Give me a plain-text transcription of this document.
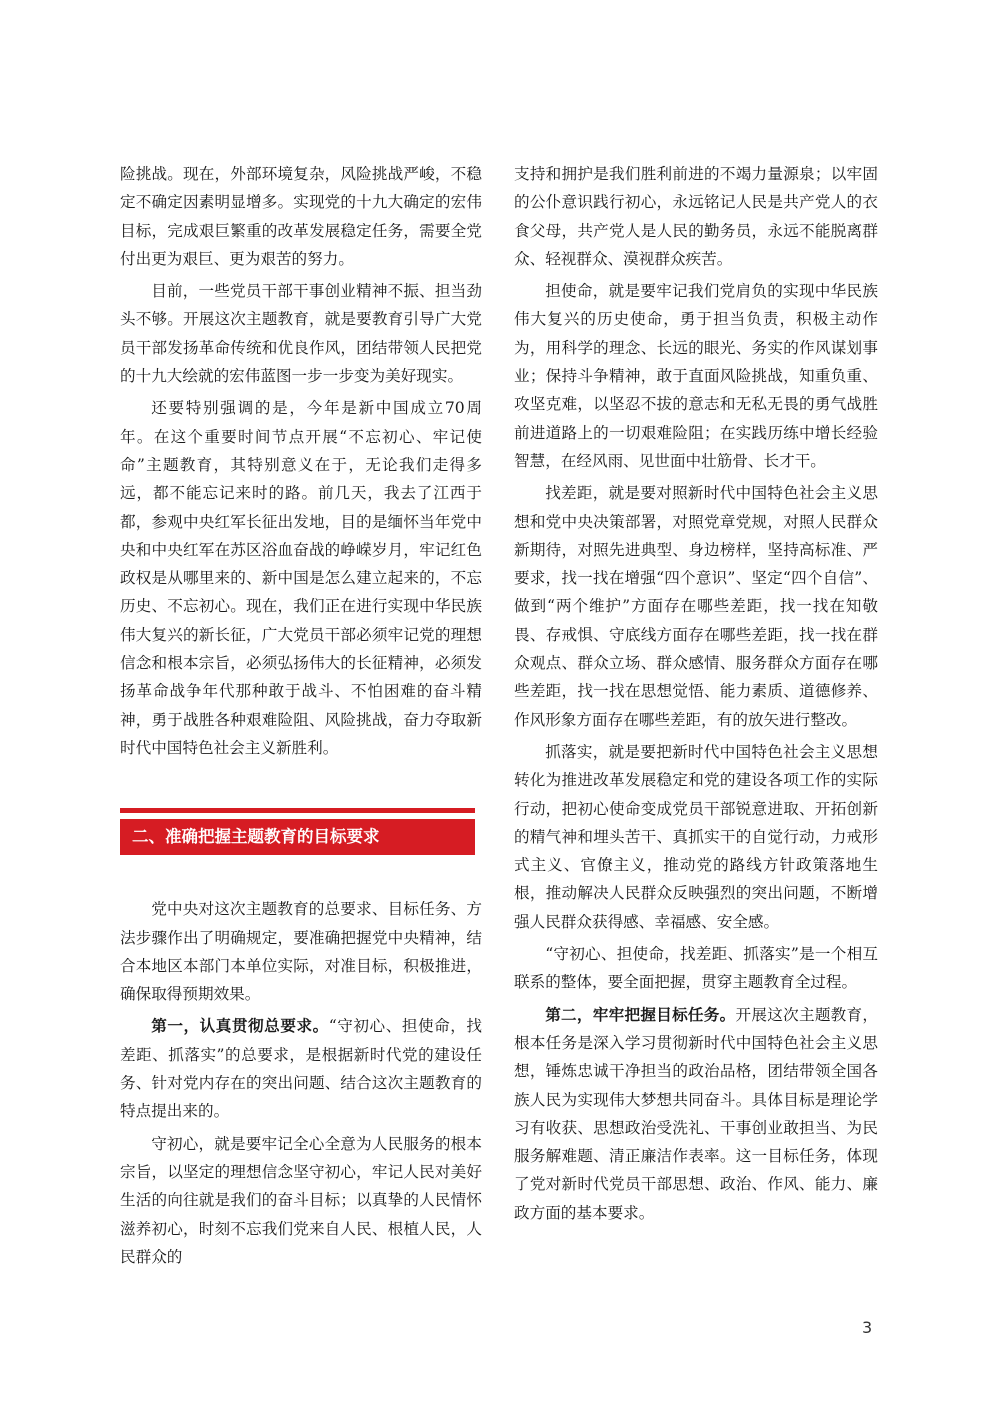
险挑战。现在，外部环境复杂，风险挑战严峻，不稳定不确定因素明显增多。实现党的十九大确定的宏伟目标，完成艰巨繁重的改革发展稳定任务，需要全党付出更为艰巨、更为艰苦的努力。

目前，一些党员干部干事创业精神不振、担当劲头不够。开展这次主题教育，就是要教育引导广大党员干部发扬革命传统和优良作风，团结带领人民把党的十九大绘就的宏伟蓝图一步一步变为美好现实。

还要特别强调的是，今年是新中国成立70周年。在这个重要时间节点开展“不忘初心、牢记使命”主题教育，其特别意义在于，无论我们走得多远，都不能忘记来时的路。前几天，我去了江西于都，参观中央红军长征出发地，目的是缅怀当年党中央和中央红军在苏区浴血奋战的峥嵘岁月，牢记红色政权是从哪里来的、新中国是怎么建立起来的，不忘历史、不忘初心。现在，我们正在进行实现中华民族伟大复兴的新长征，广大党员干部必须牢记党的理想信念和根本宗旨，必须弘扬伟大的长征精神，必须发扬革命战争年代那种敢于战斗、不怕困难的奋斗精神，勇于战胜各种艰难险阻、风险挑战，奋力夺取新时代中国特色社会主义新胜利。

二、准确把握主题教育的目标要求

党中央对这次主题教育的总要求、目标任务、方法步骤作出了明确规定，要准确把握党中央精神，结合本地区本部门本单位实际，对准目标，积极推进，确保取得预期效果。

第一，认真贯彻总要求。“守初心、担使命，找差距、抓落实”的总要求，是根据新时代党的建设任务、针对党内存在的突出问题、结合这次主题教育的特点提出来的。

守初心，就是要牢记全心全意为人民服务的根本宗旨，以坚定的理想信念坚守初心，牢记人民对美好生活的向往就是我们的奋斗目标；以真挚的人民情怀滋养初心，时刻不忘我们党来自人民、根植人民，人民群众的

支持和拥护是我们胜利前进的不竭力量源泉；以牢固的公仆意识践行初心，永远铭记人民是共产党人的衣食父母，共产党人是人民的勤务员，永远不能脱离群众、轻视群众、漠视群众疾苦。

担使命，就是要牢记我们党肩负的实现中华民族伟大复兴的历史使命，勇于担当负责，积极主动作为，用科学的理念、长远的眼光、务实的作风谋划事业；保持斗争精神，敢于直面风险挑战，知重负重、攻坚克难，以坚忍不拔的意志和无私无畏的勇气战胜前进道路上的一切艰难险阻；在实践历练中增长经验智慧，在经风雨、见世面中壮筋骨、长才干。

找差距，就是要对照新时代中国特色社会主义思想和党中央决策部署，对照党章党规，对照人民群众新期待，对照先进典型、身边榜样，坚持高标准、严要求，找一找在增强“四个意识”、坚定“四个自信”、做到“两个维护”方面存在哪些差距，找一找在知敬畏、存戒惧、守底线方面存在哪些差距，找一找在群众观点、群众立场、群众感情、服务群众方面存在哪些差距，找一找在思想觉悟、能力素质、道德修养、作风形象方面存在哪些差距，有的放矢进行整改。

抓落实，就是要把新时代中国特色社会主义思想转化为推进改革发展稳定和党的建设各项工作的实际行动，把初心使命变成党员干部锐意进取、开拓创新的精气神和埋头苦干、真抓实干的自觉行动，力戒形式主义、官僚主义，推动党的路线方针政策落地生根，推动解决人民群众反映强烈的突出问题，不断增强人民群众获得感、幸福感、安全感。

“守初心、担使命，找差距、抓落实”是一个相互联系的整体，要全面把握，贯穿主题教育全过程。

第二，牢牢把握目标任务。开展这次主题教育，根本任务是深入学习贯彻新时代中国特色社会主义思想，锤炼忠诚干净担当的政治品格，团结带领全国各族人民为实现伟大梦想共同奋斗。具体目标是理论学习有收获、思想政治受洗礼、干事创业敢担当、为民服务解难题、清正廉洁作表率。这一目标任务，体现了党对新时代党员干部思想、政治、作风、能力、廉政方面的基本要求。

3
